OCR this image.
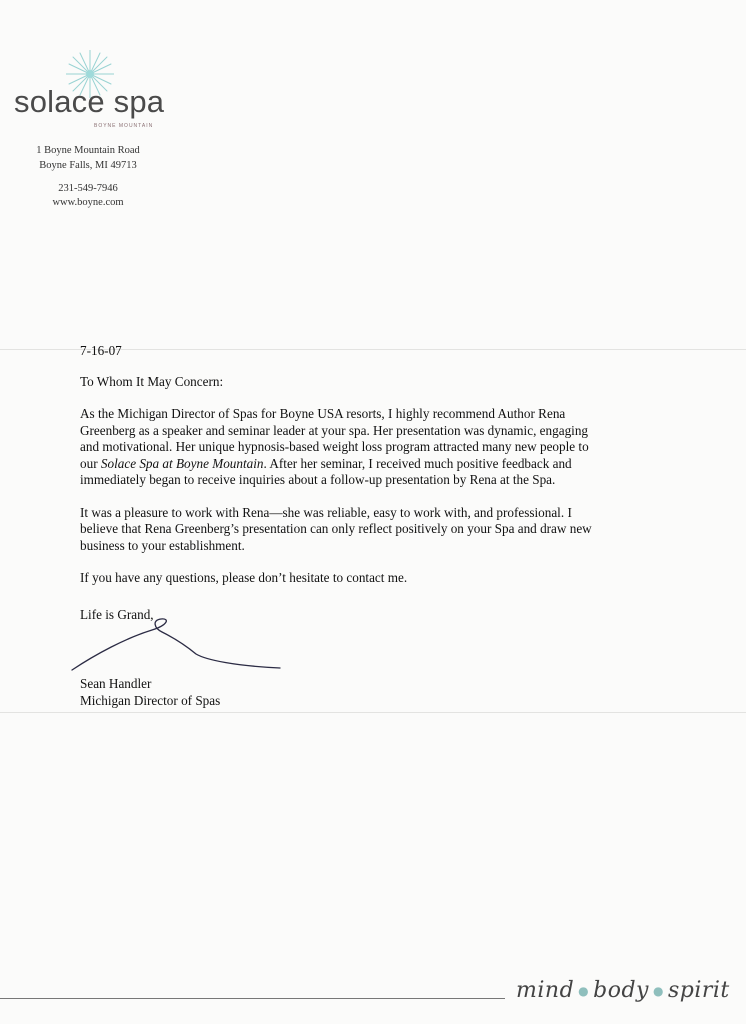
solace spa
BOYNE MOUNTAIN
1 Boyne Mountain Road
Boyne Falls, MI 49713
231-549-7946
www.boyne.com

7-16-07

To Whom It May Concern:

As the Michigan Director of Spas for Boyne USA resorts, I highly recommend Author Rena
Greenberg as a speaker and seminar leader at your spa. Her presentation was dynamic, engaging
and motivational. Her unique hypnosis-based weight loss program attracted many new people to
our Solace Spa at Boyne Mountain. After her seminar, I received much positive feedback and
immediately began to receive inquiries about a follow-up presentation by Rena at the Spa.

It was a pleasure to work with Rena—she was reliable, easy to work with, and professional. I
believe that Rena Greenberg’s presentation can only reflect positively on your Spa and draw new
business to your establishment.

If you have any questions, please don’t hesitate to contact me.

Life is Grand,
Sean Handler
Michigan Director of Spas
mind ● body ● spirit
